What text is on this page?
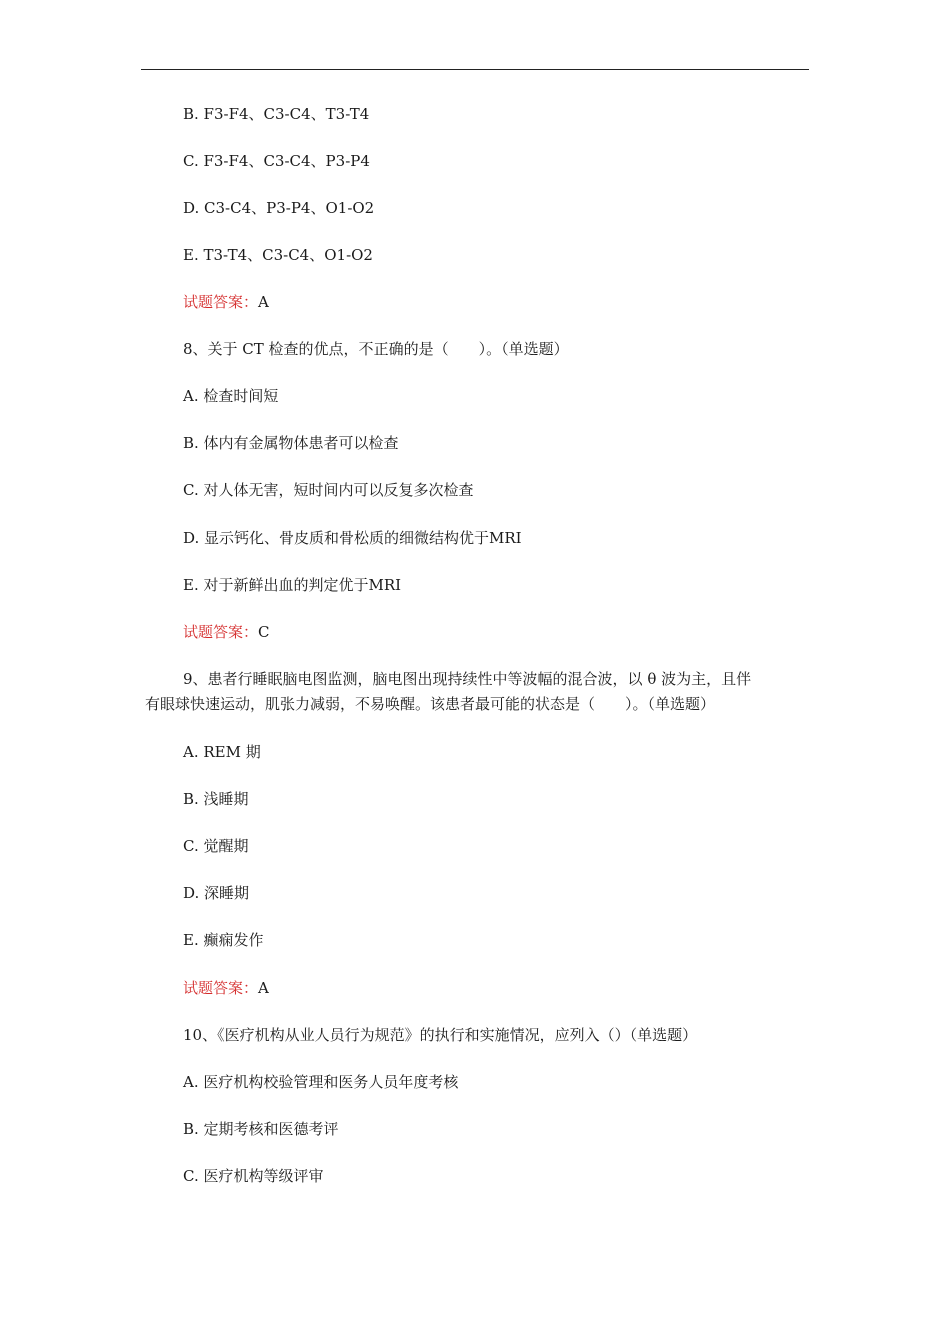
B. F3-F4、C3-C4、T3-T4
C. F3-F4、C3-C4、P3-P4
D. C3-C4、P3-P4、O1-O2
E. T3-T4、C3-C4、O1-O2
试题答案：A
8、关于 CT 检查的优点，不正确的是（　　）。（单选题）
A. 检查时间短
B. 体内有金属物体患者可以检查
C. 对人体无害，短时间内可以反复多次检查
D. 显示钙化、骨皮质和骨松质的细微结构优于MRI
E. 对于新鲜出血的判定优于MRI
试题答案：C
9、患者行睡眠脑电图监测，脑电图出现持续性中等波幅的混合波，以 θ 波为主，且伴
有眼球快速运动，肌张力减弱，不易唤醒。该患者最可能的状态是（　　）。（单选题）
A. REM 期
B. 浅睡期
C. 觉醒期
D. 深睡期
E. 癫痫发作
试题答案：A
10、《医疗机构从业人员行为规范》的执行和实施情况，应列入（）（单选题）
A. 医疗机构校验管理和医务人员年度考核
B. 定期考核和医德考评
C. 医疗机构等级评审
